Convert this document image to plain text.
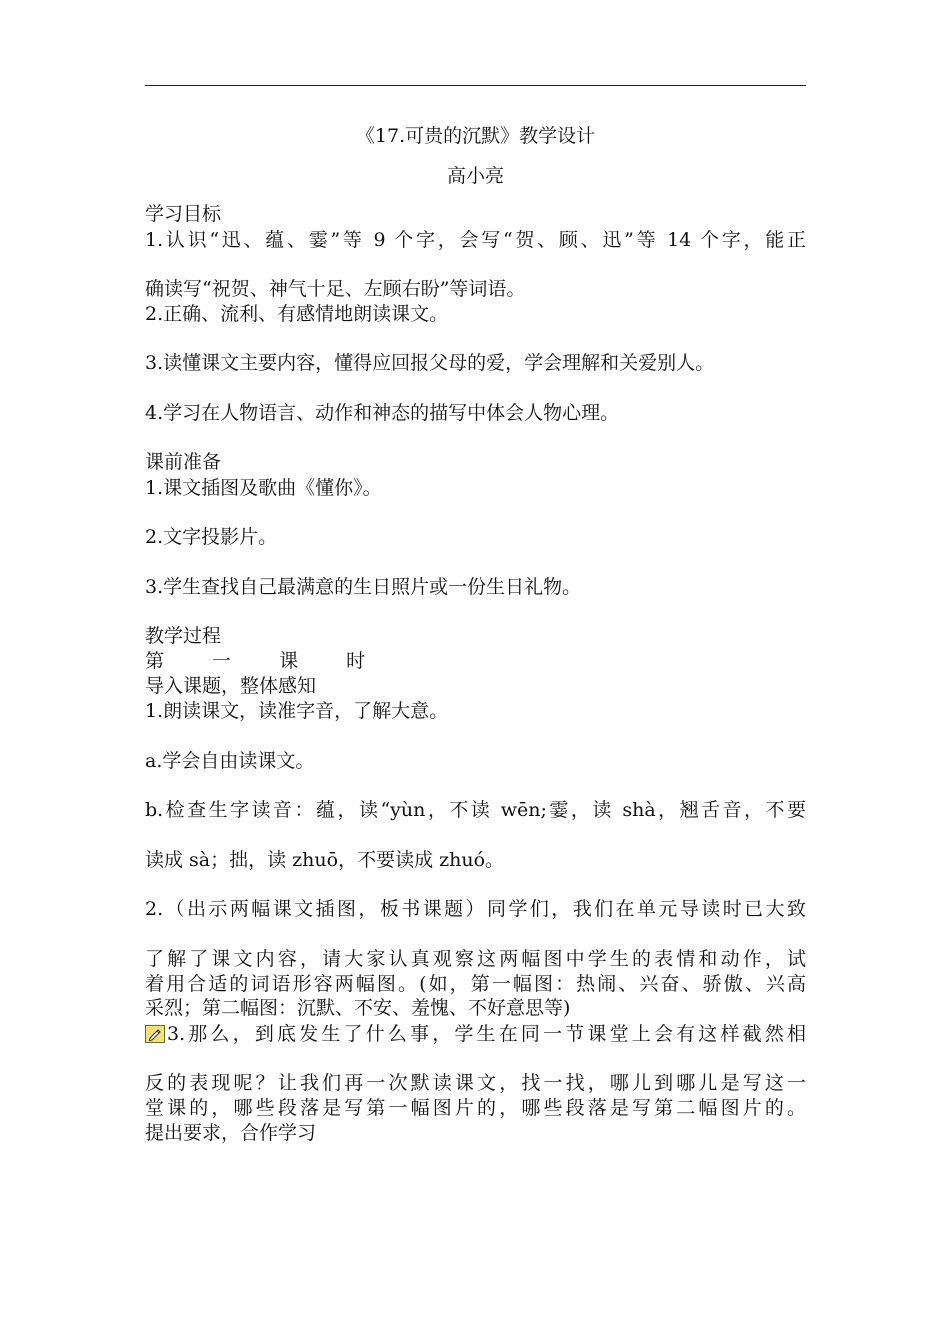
《17.可贵的沉默》教学设计
高小亮
学习目标
1.认识“迅、蕴、霎”等 9 个字，会写“贺、顾、迅”等 14 个字，能正
确读写“祝贺、神气十足、左顾右盼”等词语。
2.正确、流利、有感情地朗读课文。
3.读懂课文主要内容，懂得应回报父母的爱，学会理解和关爱别人。
4.学习在人物语言、动作和神态的描写中体会人物心理。
课前准备
1.课文插图及歌曲《懂你》。
2.文字投影片。
3.学生查找自己最满意的生日照片或一份生日礼物。
教学过程
第 一 课 时
导入课题，整体感知
1.朗读课文，读准字音，了解大意。
a.学会自由读课文。
b.检查生字读音：蕴，读“yùn，不读 wēn;霎，读 shà，翘舌音，不要
读成 sà；拙，读 zhuō，不要读成 zhuó。
2.（出示两幅课文插图，板书课题）同学们，我们在单元导读时已大致
了解了课文内容，请大家认真观察这两幅图中学生的表情和动作，试
着用合适的词语形容两幅图。(如，第一幅图：热闹、兴奋、骄傲、兴高
采烈；第二幅图：沉默、不安、羞愧、不好意思等)
3.那么，到底发生了什么事，学生在同一节课堂上会有这样截然相
反的表现呢？让我们再一次默读课文，找一找，哪儿到哪儿是写这一
堂课的，哪些段落是写第一幅图片的，哪些段落是写第二幅图片的。
提出要求，合作学习
